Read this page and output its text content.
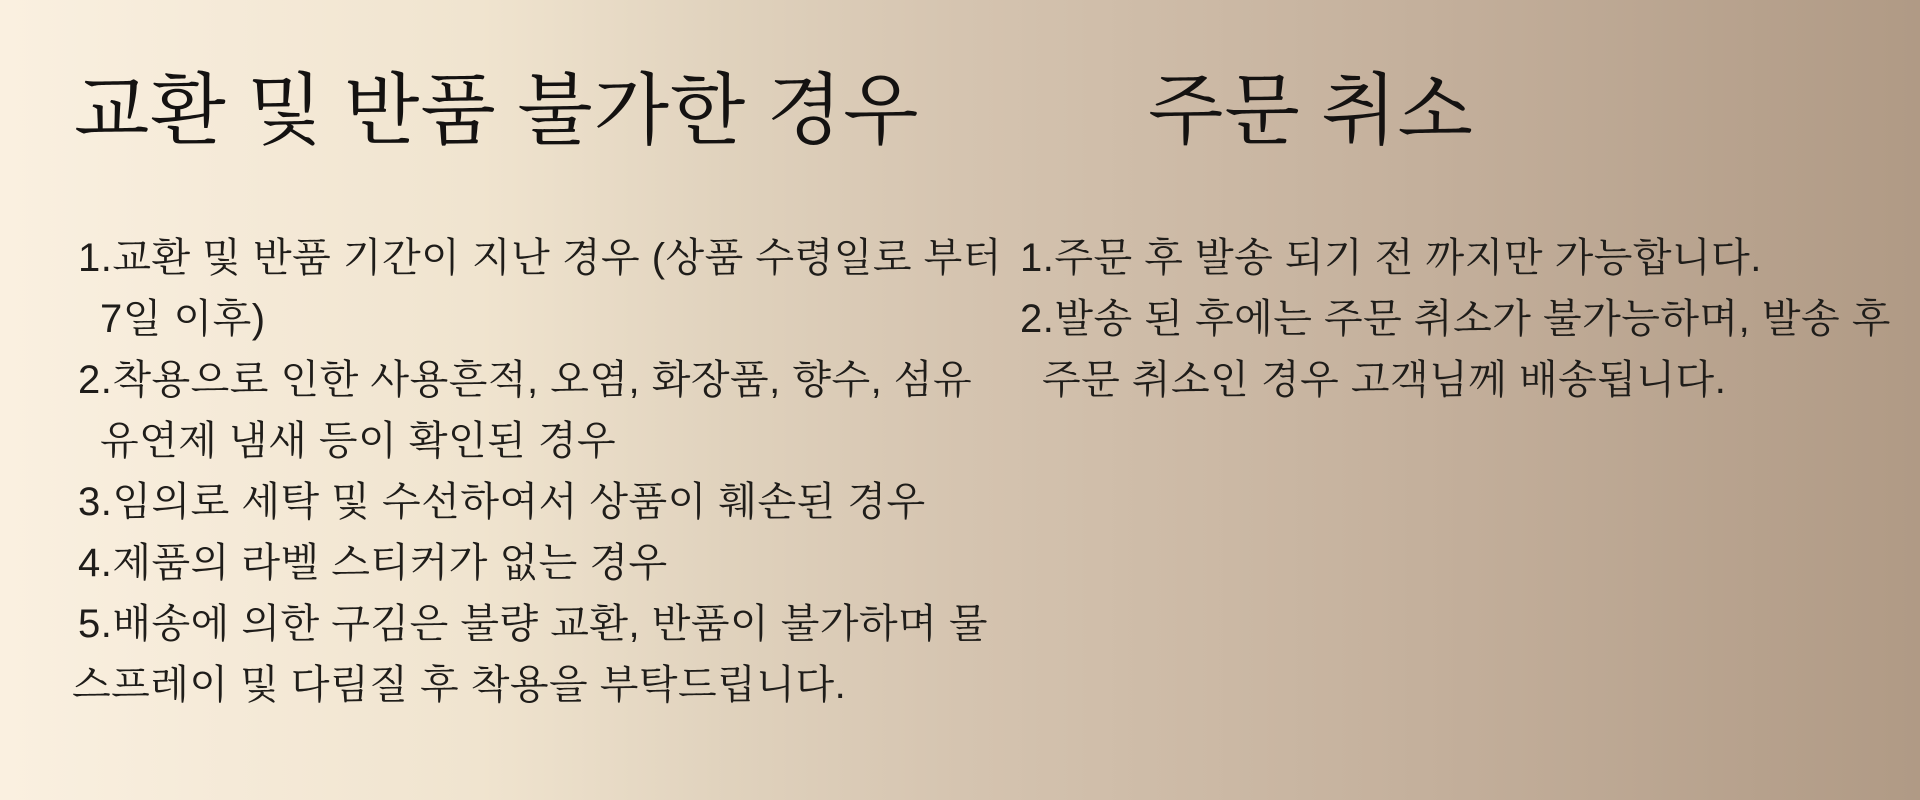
교환 및 반품 불가한 경우

1.교환 및 반품 기간이 지난 경우 (상품 수령일로 부터

7일 이후)

2.착용으로 인한 사용흔적, 오염, 화장품, 향수, 섬유

유연제 냄새 등이 확인된 경우

3.임의로 세탁 및 수선하여서 상품이 훼손된 경우

4.제품의 라벨 스티커가 없는 경우

5.배송에 의한 구김은 불량 교환, 반품이 불가하며 물

스프레이 및 다림질 후 착용을 부탁드립니다.

주문 취소

1.주문 후 발송 되기 전 까지만 가능합니다.

2.발송 된 후에는 주문 취소가 불가능하며, 발송 후

주문 취소인 경우 고객님께 배송됩니다.
